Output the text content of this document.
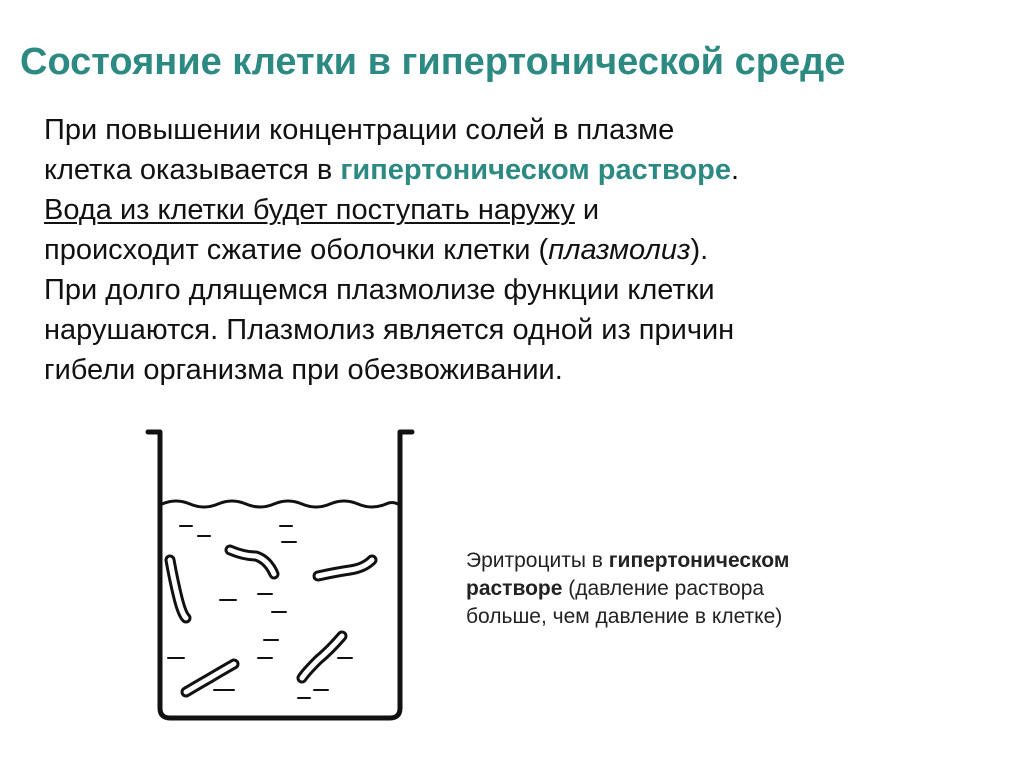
Состояние клетки в гипертонической среде
При повышении концентрации солей в плазме
клетка оказывается в гипертоническом растворе.
Вода из клетки будет поступать наружу и
происходит сжатие оболочки клетки (плазмолиз).
При долго длящемся плазмолизе функции клетки
нарушаются. Плазмолиз является одной из причин
гибели организма при обезвоживании.
Эритроциты в гипертоническом
растворе (давление раствора
больше, чем давление в клетке)
